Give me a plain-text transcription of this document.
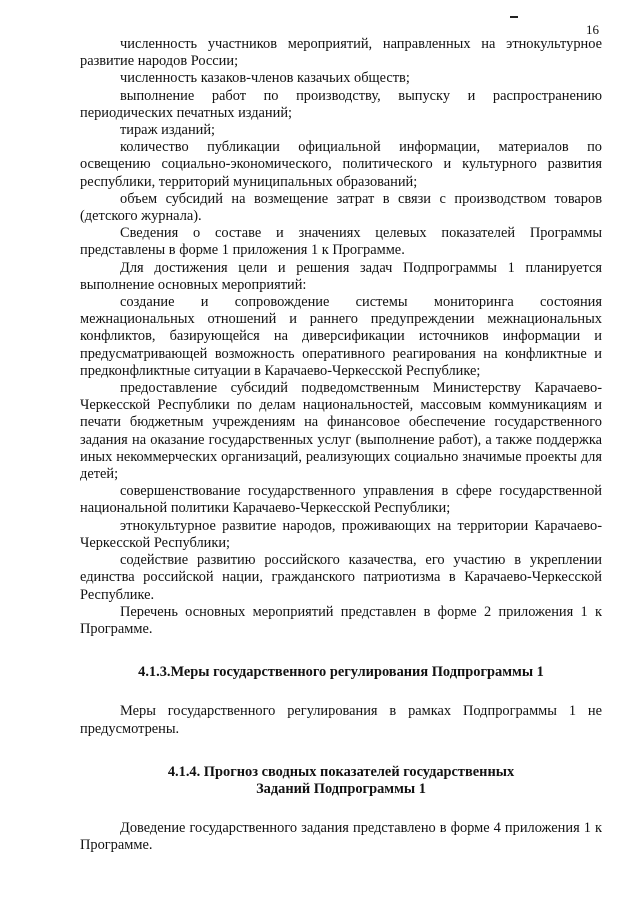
16

численность участников мероприятий, направленных на этнокультурное развитие народов России;

численность казаков-членов казачьих обществ;

выполнение работ по производству, выпуску и распространению периодических печатных изданий;

тираж изданий;

количество публикации официальной информации, материалов по освещению социально-экономического, политического и культурного развития республики, территорий муниципальных образований;

объем субсидий на возмещение затрат в связи с производством товаров (детского журнала).

Сведения о составе и значениях целевых показателей Программы представлены в форме 1 приложения 1 к Программе.

Для достижения цели и решения задач Подпрограммы 1 планируется выполнение основных мероприятий:

создание и сопровождение системы мониторинга состояния межнациональных отношений и раннего предупреждении межнациональных конфликтов, базирующейся на диверсификации источников информации и предусматривающей возможность оперативного реагирования на конфликтные и предконфликтные ситуации в Карачаево-Черкесской Республике;

предоставление субсидий подведомственным Министерству Карачаево-Черкесской Республики по делам национальностей, массовым коммуникациям и печати бюджетным учреждениям на финансовое обеспечение государственного задания на оказание государственных услуг (выполнение работ), а также поддержка иных некоммерческих организаций, реализующих социально значимые проекты для детей;

совершенствование государственного управления в сфере государственной национальной политики Карачаево-Черкесской Республики;

этнокультурное развитие народов, проживающих на территории Карачаево-Черкесской Республики;

содействие развитию российского казачества, его участию в укреплении единства российской нации, гражданского патриотизма в Карачаево-Черкесской Республике.

Перечень основных мероприятий представлен в форме 2 приложения 1 к Программе.

4.1.3.Меры государственного регулирования Подпрограммы 1

Меры государственного регулирования в рамках Подпрограммы 1 не предусмотрены.

4.1.4. Прогноз сводных показателей государственных

Заданий Подпрограммы 1

Доведение государственного задания представлено в форме 4 приложения 1 к Программе.
